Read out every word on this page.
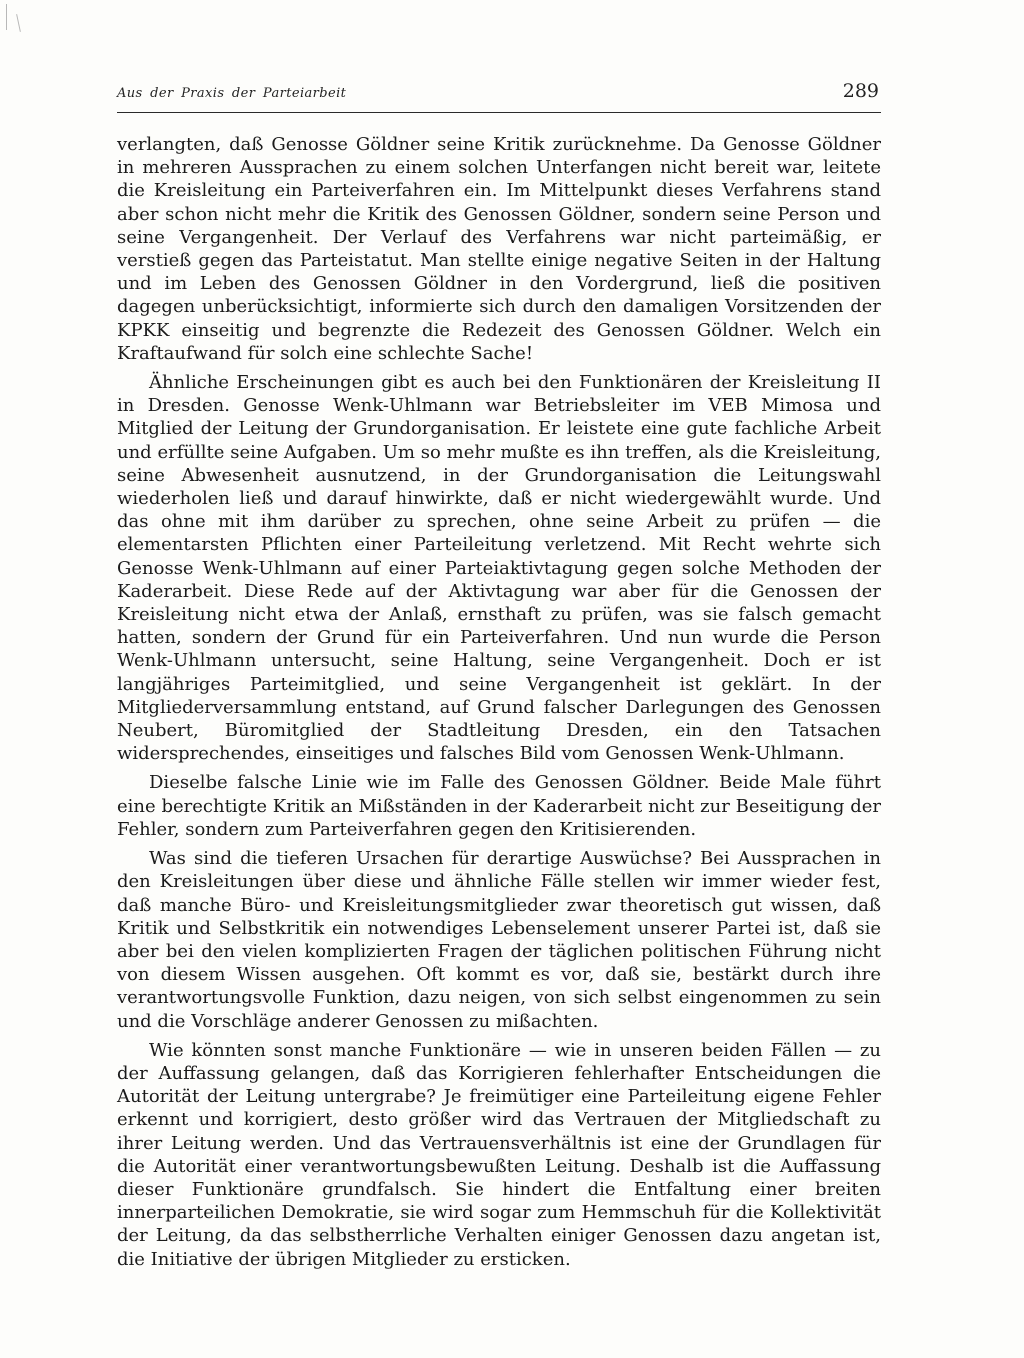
Aus der Praxis der Parteiarbeit	289

verlangten, daß Genosse Göldner seine Kritik zurücknehme. Da Genosse Göldner in mehreren Aussprachen zu einem solchen Unterfangen nicht bereit war, leitete die Kreisleitung ein Parteiverfahren ein. Im Mittelpunkt dieses Verfahrens stand aber schon nicht mehr die Kritik des Genossen Göldner, sondern seine Person und seine Vergangenheit. Der Verlauf des Verfahrens war nicht parteimäßig, er verstieß gegen das Parteistatut. Man stellte einige negative Seiten in der Haltung und im Leben des Genossen Göldner in den Vordergrund, ließ die positiven dagegen unberücksichtigt, informierte sich durch den damaligen Vorsitzenden der KPKK einseitig und begrenzte die Redezeit des Genossen Göldner. Welch ein Kraftaufwand für solch eine schlechte Sache!

Ähnliche Erscheinungen gibt es auch bei den Funktionären der Kreisleitung II in Dresden. Genosse Wenk-Uhlmann war Betriebsleiter im VEB Mimosa und Mitglied der Leitung der Grundorganisation. Er leistete eine gute fachliche Arbeit und erfüllte seine Aufgaben. Um so mehr mußte es ihn treffen, als die Kreisleitung, seine Abwesenheit ausnutzend, in der Grundorganisation die Leitungswahl wiederholen ließ und darauf hinwirkte, daß er nicht wiedergewählt wurde. Und das ohne mit ihm darüber zu sprechen, ohne seine Arbeit zu prüfen — die elementarsten Pflichten einer Parteileitung verletzend. Mit Recht wehrte sich Genosse Wenk-Uhlmann auf einer Parteiaktivtagung gegen solche Methoden der Kaderarbeit. Diese Rede auf der Aktivtagung war aber für die Genossen der Kreisleitung nicht etwa der Anlaß, ernsthaft zu prüfen, was sie falsch gemacht hatten, sondern der Grund für ein Parteiverfahren. Und nun wurde die Person Wenk-Uhlmann untersucht, seine Haltung, seine Vergangenheit. Doch er ist langjähriges Parteimitglied, und seine Vergangenheit ist geklärt. In der Mitgliederversammlung entstand, auf Grund falscher Darlegungen des Genossen Neubert, Büromitglied der Stadtleitung Dresden, ein den Tatsachen widersprechendes, einseitiges und falsches Bild vom Genossen Wenk-Uhlmann.

Dieselbe falsche Linie wie im Falle des Genossen Göldner. Beide Male führt eine berechtigte Kritik an Mißständen in der Kaderarbeit nicht zur Beseitigung der Fehler, sondern zum Parteiverfahren gegen den Kritisierenden.

Was sind die tieferen Ursachen für derartige Auswüchse? Bei Aussprachen in den Kreisleitungen über diese und ähnliche Fälle stellen wir immer wieder fest, daß manche Büro- und Kreisleitungsmitglieder zwar theoretisch gut wissen, daß Kritik und Selbstkritik ein notwendiges Lebenselement unserer Partei ist, daß sie aber bei den vielen komplizierten Fragen der täglichen politischen Führung nicht von diesem Wissen ausgehen. Oft kommt es vor, daß sie, bestärkt durch ihre verantwortungsvolle Funktion, dazu neigen, von sich selbst eingenommen zu sein und die Vorschläge anderer Genossen zu mißachten.

Wie könnten sonst manche Funktionäre — wie in unseren beiden Fällen — zu der Auffassung gelangen, daß das Korrigieren fehlerhafter Entscheidungen die Autorität der Leitung untergrabe? Je freimütiger eine Parteileitung eigene Fehler erkennt und korrigiert, desto größer wird das Vertrauen der Mitgliedschaft zu ihrer Leitung werden. Und das Vertrauensverhältnis ist eine der Grundlagen für die Autorität einer verantwortungsbewußten Leitung. Deshalb ist die Auffassung dieser Funktionäre grundfalsch. Sie hindert die Entfaltung einer breiten innerparteilichen Demokratie, sie wird sogar zum Hemmschuh für die Kollektivität der Leitung, da das selbstherrliche Verhalten einiger Genossen dazu angetan ist, die Initiative der übrigen Mitglieder zu ersticken.
